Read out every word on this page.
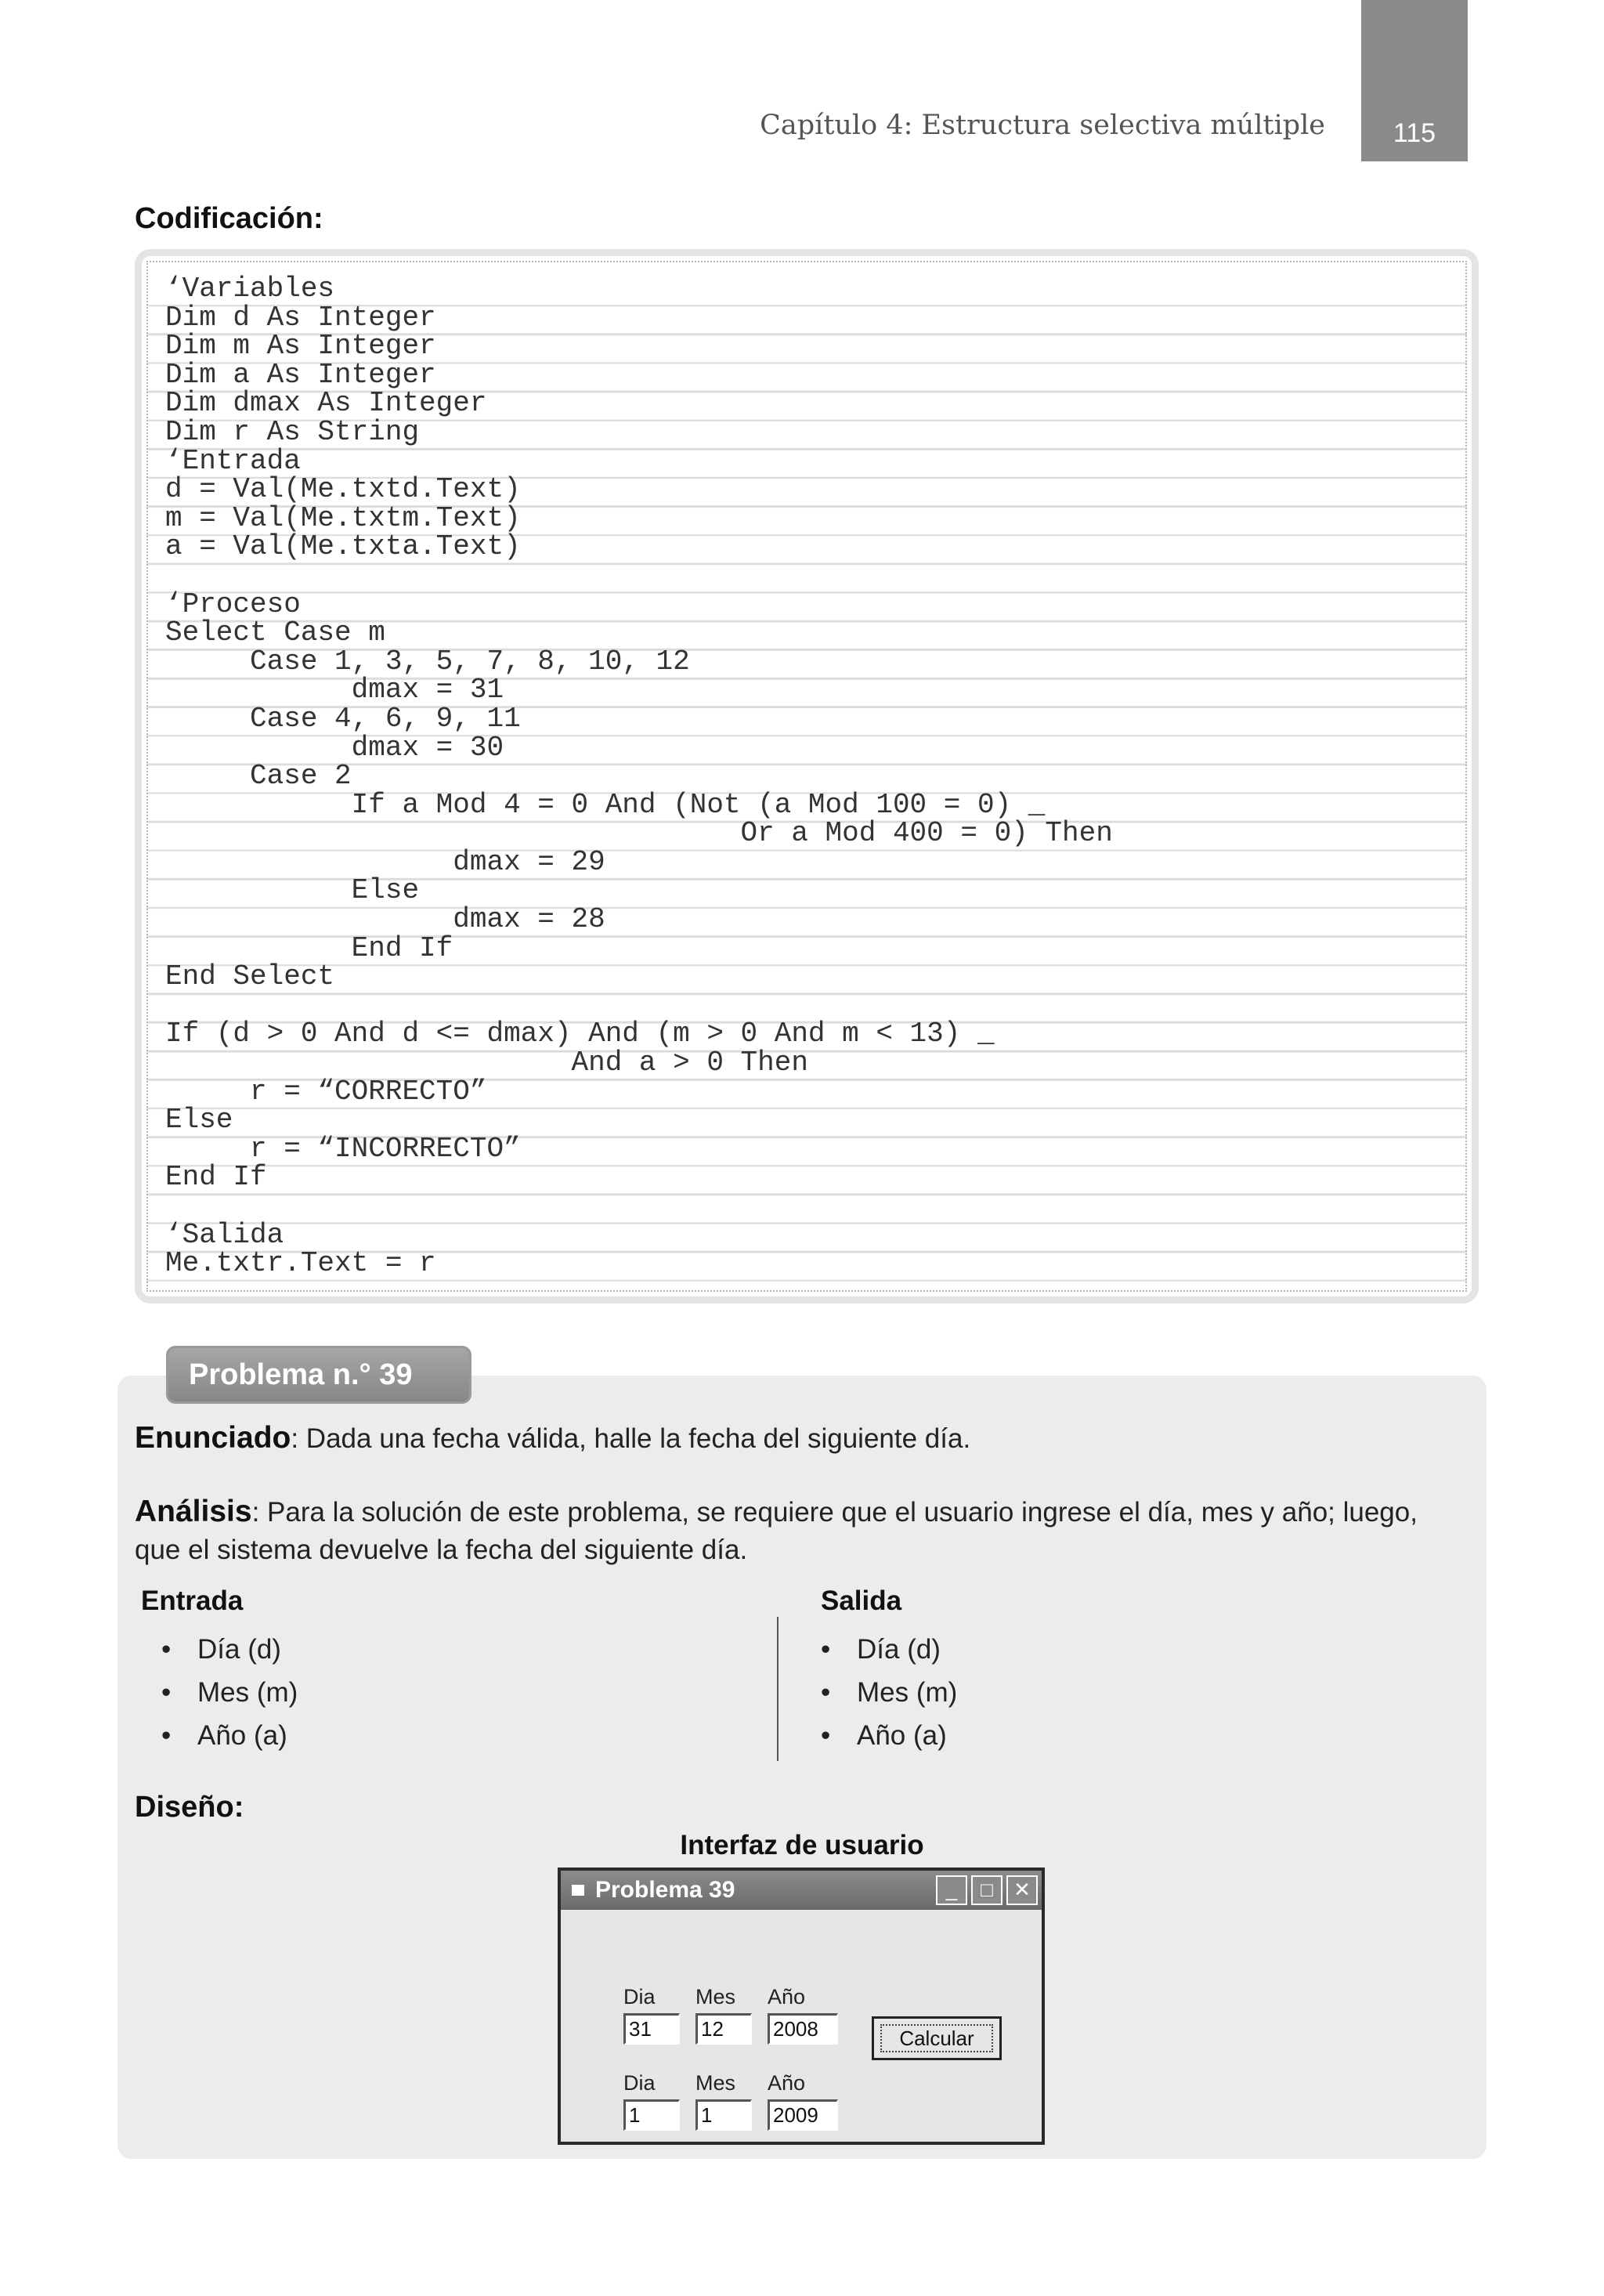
Capítulo 4: Estructura selectiva múltiple	115
Codificación:
‘Variables
Dim d As Integer
Dim m As Integer
Dim a As Integer
Dim dmax As Integer
Dim r As String
‘Entrada
d = Val(Me.txtd.Text)
m = Val(Me.txtm.Text)
a = Val(Me.txta.Text)

‘Proceso
Select Case m
Case 1, 3, 5, 7, 8, 10, 12
dmax = 31
Case 4, 6, 9, 11
dmax = 30
Case 2
If a Mod 4 = 0 And (Not (a Mod 100 = 0) _
Or a Mod 400 = 0) Then
dmax = 29
Else
dmax = 28
End If
End Select

If (d > 0 And d <= dmax) And (m > 0 And m < 13) _
And a > 0 Then
r = “CORRECTO”
Else
r = “INCORRECTO”
End If

‘Salida
Me.txtr.Text = r
Problema n.° 39
Enunciado: Dada una fecha válida, halle la fecha del siguiente día.
Análisis: Para la solución de este problema, se requiere que el usuario ingrese el día, mes y año; luego, que el sistema devuelve la fecha del siguiente día.
Entrada
• Día (d)
• Mes (m)
• Año (a)
Salida
• Día (d)
• Mes (m)
• Año (a)
Diseño:
Interfaz de usuario
Problema 39	_	□	✕
Dia Mes Año
31	12	2008	Calcular
Dia Mes Año
1	1	2009
